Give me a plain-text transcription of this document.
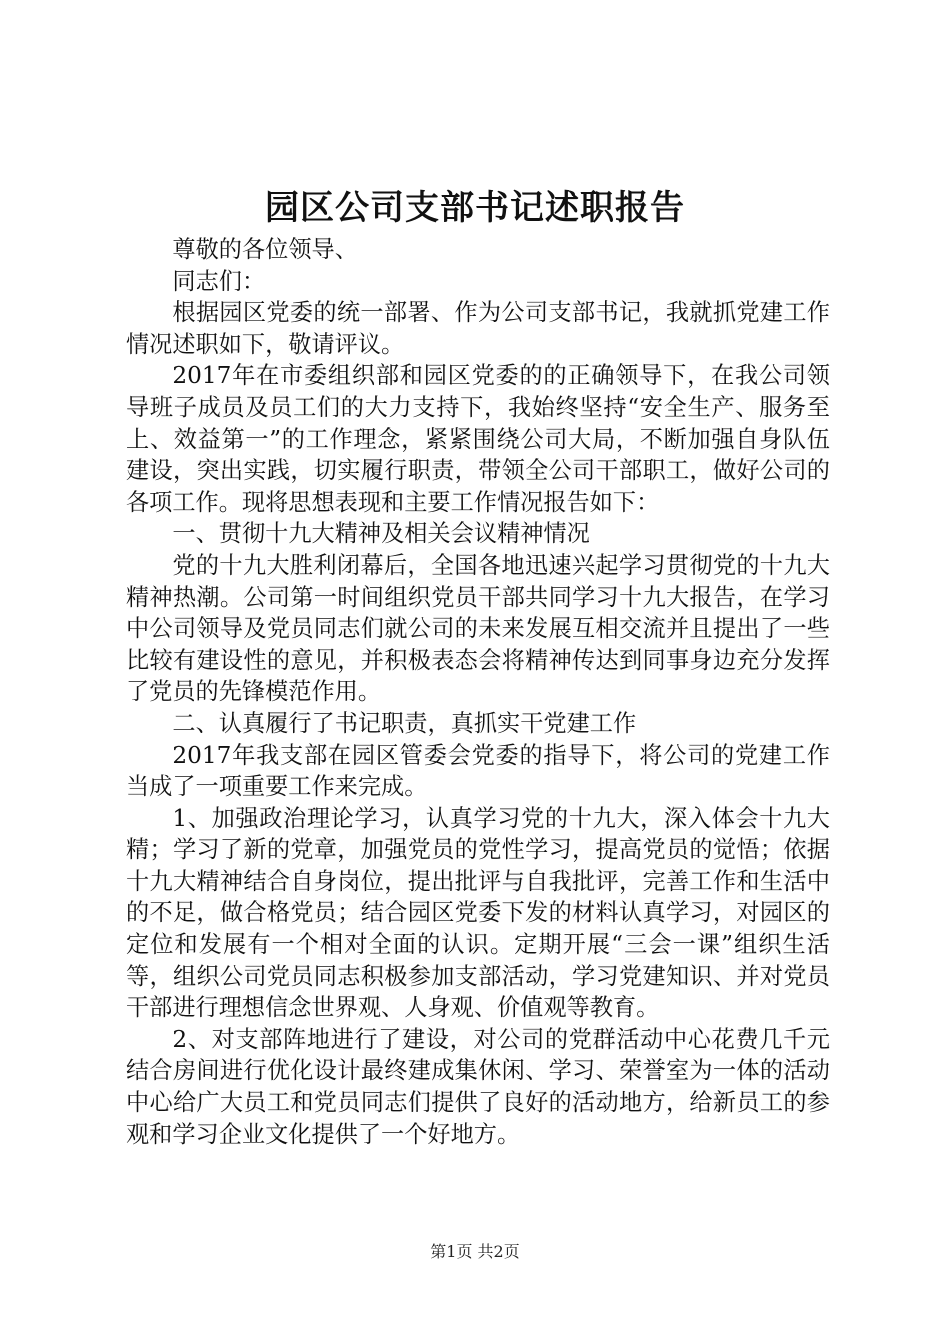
园区公司支部书记述职报告

尊敬的各位领导、

同志们：

根据园区党委的统一部署、作为公司支部书记，我就抓党建工作情况述职如下，敬请评议。

2017年在市委组织部和园区党委的的正确领导下，在我公司领导班子成员及员工们的大力支持下，我始终坚持“安全生产、服务至上、效益第一”的工作理念，紧紧围绕公司大局，不断加强自身队伍建设，突出实践，切实履行职责，带领全公司干部职工，做好公司的各项工作。现将思想表现和主要工作情况报告如下：

一、贯彻十九大精神及相关会议精神情况

党的十九大胜利闭幕后，全国各地迅速兴起学习贯彻党的十九大精神热潮。公司第一时间组织党员干部共同学习十九大报告，在学习中公司领导及党员同志们就公司的未来发展互相交流并且提出了一些比较有建设性的意见，并积极表态会将精神传达到同事身边充分发挥了党员的先锋模范作用。

二、认真履行了书记职责，真抓实干党建工作

2017年我支部在园区管委会党委的指导下，将公司的党建工作当成了一项重要工作来完成。

1、加强政治理论学习，认真学习党的十九大，深入体会十九大精；学习了新的党章，加强党员的党性学习，提高党员的觉悟；依据十九大精神结合自身岗位，提出批评与自我批评，完善工作和生活中的不足，做合格党员；结合园区党委下发的材料认真学习，对园区的定位和发展有一个相对全面的认识。定期开展“三会一课”组织生活等，组织公司党员同志积极参加支部活动，学习党建知识、并对党员干部进行理想信念世界观、人身观、价值观等教育。

2、对支部阵地进行了建设，对公司的党群活动中心花费几千元结合房间进行优化设计最终建成集休闲、学习、荣誉室为一体的活动中心给广大员工和党员同志们提供了良好的活动地方，给新员工的参观和学习企业文化提供了一个好地方。

第1页 共2页
